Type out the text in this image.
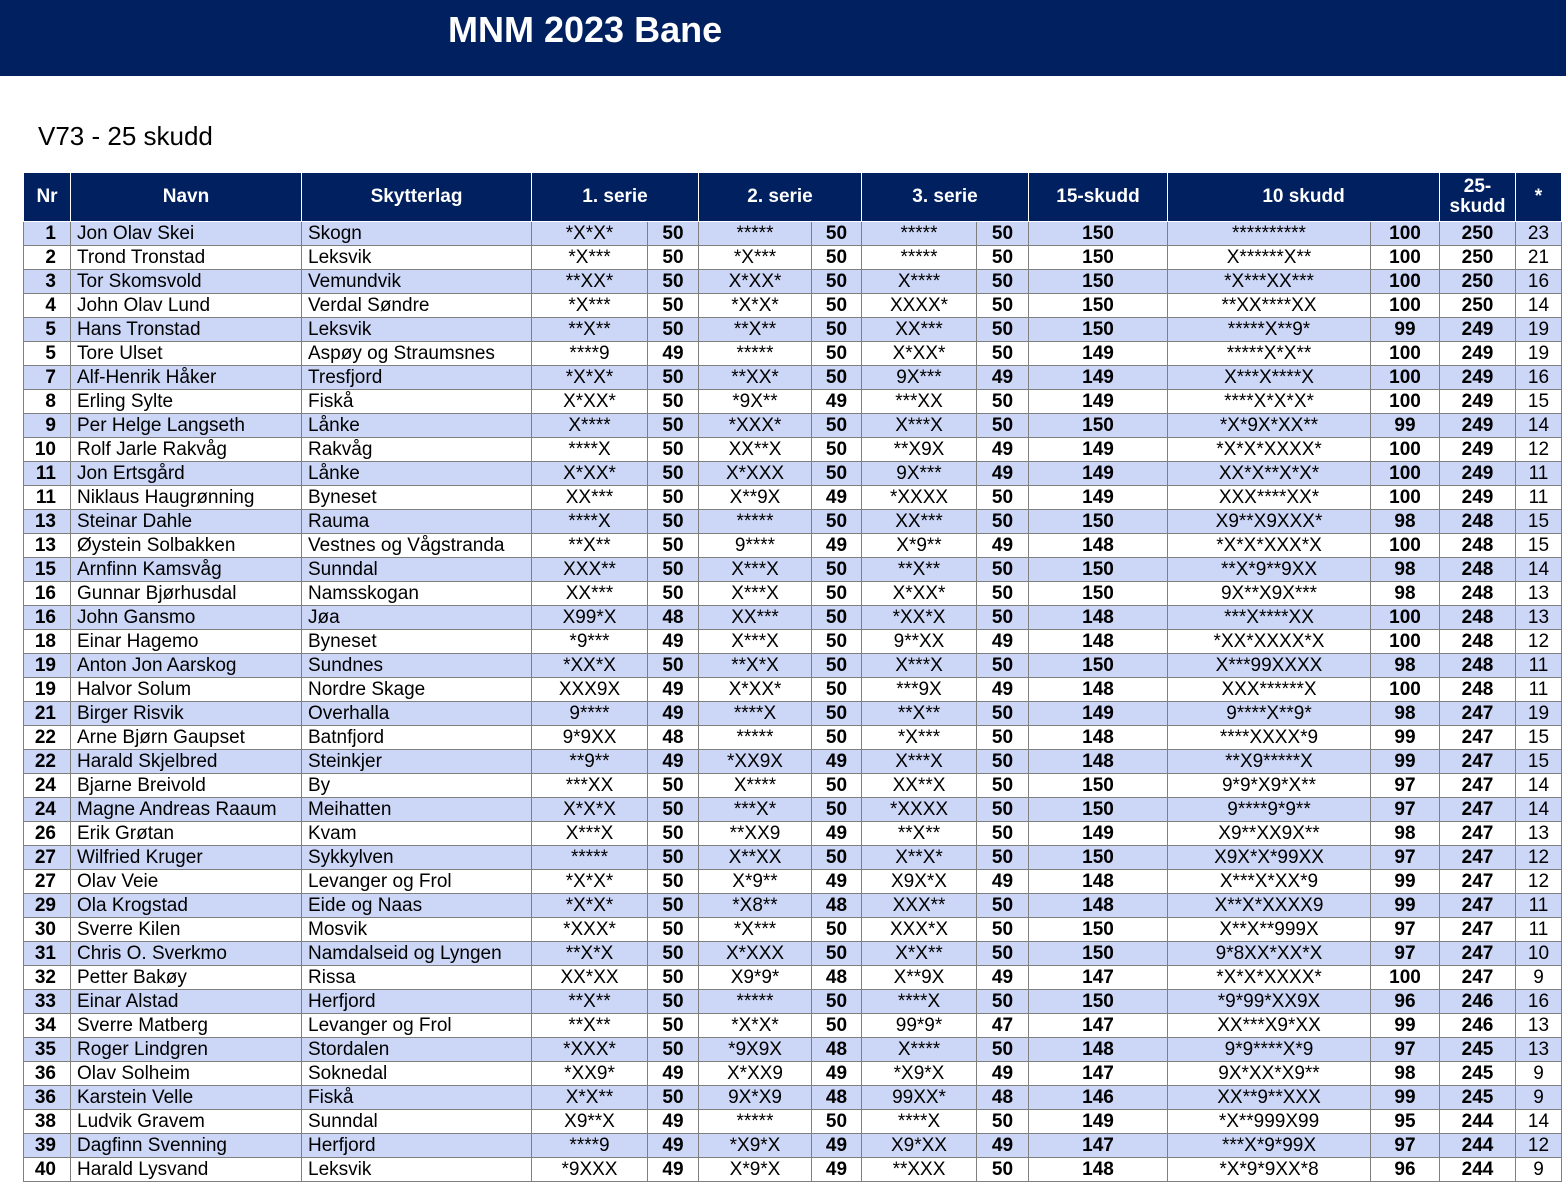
MNM 2023 Bane
V73 - 25 skudd
Nr	Navn	Skytterlag	1. serie		2. serie		3. serie		15-skudd	10 skudd		25-
skudd	*
1	Jon Olav Skei	Skogn	*X*X*	50	*****	50	*****	50	150	**********	100	250	23
2	Trond Tronstad	Leksvik	*X***	50	*X***	50	*****	50	150	X******X**	100	250	21
3	Tor Skomsvold	Vemundvik	**XX*	50	X*XX*	50	X****	50	150	*X***XX***	100	250	16
4	John Olav Lund	Verdal Søndre	*X***	50	*X*X*	50	XXXX*	50	150	**XX****XX	100	250	14
5	Hans Tronstad	Leksvik	**X**	50	**X**	50	XX***	50	150	*****X**9*	99	249	19
5	Tore Ulset	Aspøy og Straumsnes	****9	49	*****	50	X*XX*	50	149	*****X*X**	100	249	19
7	Alf-Henrik Håker	Tresfjord	*X*X*	50	**XX*	50	9X***	49	149	X***X****X	100	249	16
8	Erling Sylte	Fiskå	X*XX*	50	*9X**	49	***XX	50	149	****X*X*X*	100	249	15
9	Per Helge Langseth	Lånke	X****	50	*XXX*	50	X***X	50	150	*X*9X*XX**	99	249	14
10	Rolf Jarle Rakvåg	Rakvåg	****X	50	XX**X	50	**X9X	49	149	*X*X*XXXX*	100	249	12
11	Jon Ertsgård	Lånke	X*XX*	50	X*XXX	50	9X***	49	149	XX*X**X*X*	100	249	11
11	Niklaus Haugrønning	Byneset	XX***	50	X**9X	49	*XXXX	50	149	XXX****XX*	100	249	11
13	Steinar Dahle	Rauma	****X	50	*****	50	XX***	50	150	X9**X9XXX*	98	248	15
13	Øystein Solbakken	Vestnes og Vågstranda	**X**	50	9****	49	X*9**	49	148	*X*X*XXX*X	100	248	15
15	Arnfinn Kamsvåg	Sunndal	XXX**	50	X***X	50	**X**	50	150	**X*9**9XX	98	248	14
16	Gunnar Bjørhusdal	Namsskogan	XX***	50	X***X	50	X*XX*	50	150	9X**X9X***	98	248	13
16	John Gansmo	Jøa	X99*X	48	XX***	50	*XX*X	50	148	***X****XX	100	248	13
18	Einar Hagemo	Byneset	*9***	49	X***X	50	9**XX	49	148	*XX*XXXX*X	100	248	12
19	Anton Jon Aarskog	Sundnes	*XX*X	50	**X*X	50	X***X	50	150	X***99XXXX	98	248	11
19	Halvor Solum	Nordre Skage	XXX9X	49	X*XX*	50	***9X	49	148	XXX******X	100	248	11
21	Birger Risvik	Overhalla	9****	49	****X	50	**X**	50	149	9****X**9*	98	247	19
22	Arne Bjørn Gaupset	Batnfjord	9*9XX	48	*****	50	*X***	50	148	****XXXX*9	99	247	15
22	Harald Skjelbred	Steinkjer	**9**	49	*XX9X	49	X***X	50	148	**X9*****X	99	247	15
24	Bjarne Breivold	By	***XX	50	X****	50	XX**X	50	150	9*9*X9*X**	97	247	14
24	Magne Andreas Raaum	Meihatten	X*X*X	50	***X*	50	*XXXX	50	150	9****9*9**	97	247	14
26	Erik Grøtan	Kvam	X***X	50	**XX9	49	**X**	50	149	X9**XX9X**	98	247	13
27	Wilfried Kruger	Sykkylven	*****	50	X**XX	50	X**X*	50	150	X9X*X*99XX	97	247	12
27	Olav Veie	Levanger og Frol	*X*X*	50	X*9**	49	X9X*X	49	148	X***X*XX*9	99	247	12
29	Ola Krogstad	Eide og Naas	*X*X*	50	*X8**	48	XXX**	50	148	X**X*XXXX9	99	247	11
30	Sverre Kilen	Mosvik	*XXX*	50	*X***	50	XXX*X	50	150	X**X**999X	97	247	11
31	Chris O. Sverkmo	Namdalseid og Lyngen	**X*X	50	X*XXX	50	X*X**	50	150	9*8XX*XX*X	97	247	10
32	Petter Bakøy	Rissa	XX*XX	50	X9*9*	48	X**9X	49	147	*X*X*XXXX*	100	247	9
33	Einar Alstad	Herfjord	**X**	50	*****	50	****X	50	150	*9*99*XX9X	96	246	16
34	Sverre Matberg	Levanger og Frol	**X**	50	*X*X*	50	99*9*	47	147	XX***X9*XX	99	246	13
35	Roger Lindgren	Stordalen	*XXX*	50	*9X9X	48	X****	50	148	9*9****X*9	97	245	13
36	Olav Solheim	Soknedal	*XX9*	49	X*XX9	49	*X9*X	49	147	9X*XX*X9**	98	245	9
36	Karstein Velle	Fiskå	X*X**	50	9X*X9	48	99XX*	48	146	XX**9**XXX	99	245	9
38	Ludvik Gravem	Sunndal	X9**X	49	*****	50	****X	50	149	*X**999X99	95	244	14
39	Dagfinn Svenning	Herfjord	****9	49	*X9*X	49	X9*XX	49	147	***X*9*99X	97	244	12
40	Harald Lysvand	Leksvik	*9XXX	49	X*9*X	49	**XXX	50	148	*X*9*9XX*8	96	244	9
